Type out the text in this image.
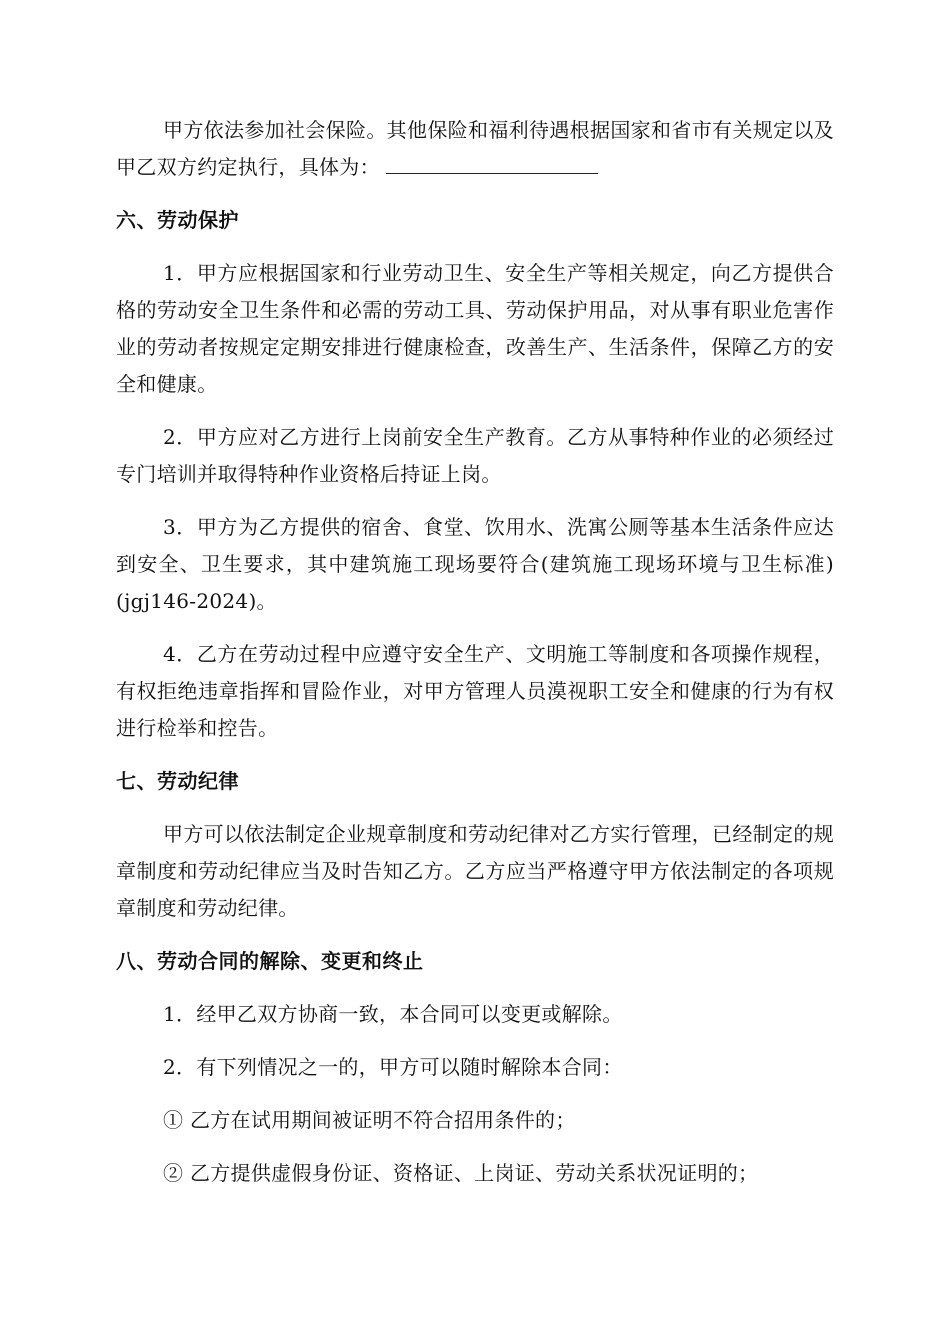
甲方依法参加社会保险。其他保险和福利待遇根据国家和省市有关规定以及甲乙双方约定执行，具体为：

六、劳动保护

1．甲方应根据国家和行业劳动卫生、安全生产等相关规定，向乙方提供合格的劳动安全卫生条件和必需的劳动工具、劳动保护用品，对从事有职业危害作业的劳动者按规定定期安排进行健康检查，改善生产、生活条件，保障乙方的安全和健康。

2．甲方应对乙方进行上岗前安全生产教育。乙方从事特种作业的必须经过专门培训并取得特种作业资格后持证上岗。

3．甲方为乙方提供的宿舍、食堂、饮用水、洗寓公厕等基本生活条件应达到安全、卫生要求，其中建筑施工现场要符合(建筑施工现场环境与卫生标准)(jgj146-2024)。

4．乙方在劳动过程中应遵守安全生产、文明施工等制度和各项操作规程，有权拒绝违章指挥和冒险作业，对甲方管理人员漠视职工安全和健康的行为有权进行检举和控告。

七、劳动纪律

甲方可以依法制定企业规章制度和劳动纪律对乙方实行管理，已经制定的规章制度和劳动纪律应当及时告知乙方。乙方应当严格遵守甲方依法制定的各项规章制度和劳动纪律。

八、劳动合同的解除、变更和终止
1．经甲乙双方协商一致，本合同可以变更或解除。
2．有下列情况之一的，甲方可以随时解除本合同：
① 乙方在试用期间被证明不符合招用条件的；
② 乙方提供虚假身份证、资格证、上岗证、劳动关系状况证明的；
